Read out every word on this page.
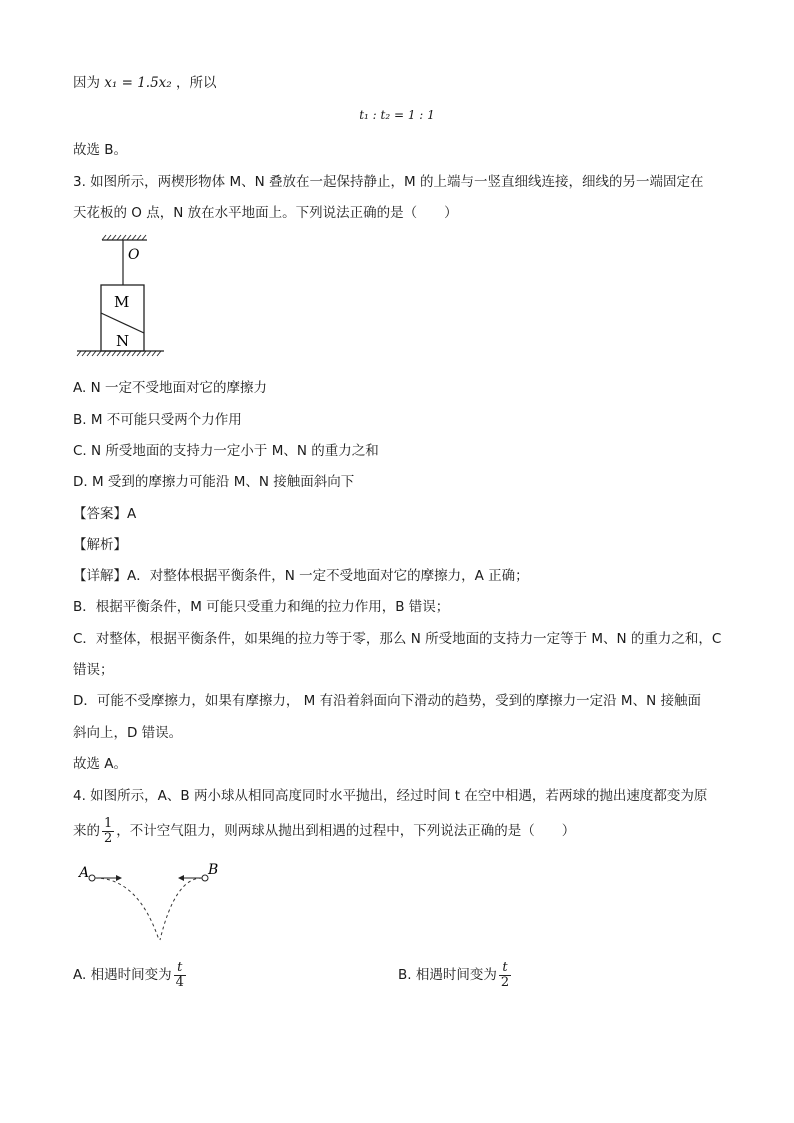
因为 x₁ = 1.5x₂ ，所以
t₁ : t₂ = 1 : 1
故选 B。
3. 如图所示，两楔形物体 M、N 叠放在一起保持静止，M 的上端与一竖直细线连接，细线的另一端固定在
天花板的 O 点，N 放在水平地面上。下列说法正确的是（　　）
O
M
N
A. N 一定不受地面对它的摩擦力
B. M 不可能只受两个力作用
C. N 所受地面的支持力一定小于 M、N 的重力之和
D. M 受到的摩擦力可能沿 M、N 接触面斜向下
【答案】A
【解析】
【详解】A．对整体根据平衡条件，N 一定不受地面对它的摩擦力，A 正确；
B．根据平衡条件，M 可能只受重力和绳的拉力作用，B 错误；
C．对整体，根据平衡条件，如果绳的拉力等于零，那么 N 所受地面的支持力一定等于 M、N 的重力之和，C
错误；
D．可能不受摩擦力，如果有摩擦力， M 有沿着斜面向下滑动的趋势，受到的摩擦力一定沿 M、N 接触面
斜向上，D 错误。
故选 A。
4. 如图所示，A、B 两小球从相同高度同时水平抛出，经过时间 t 在空中相遇，若两球的抛出速度都变为原
来的 $\frac{1}{2}$ ，不计空气阻力，则两球从抛出到相遇的过程中，下列说法正确的是（　　）
A	B
A. 相遇时间变为 $\frac{t}{4}$	B. 相遇时间变为 $\frac{t}{2}$
